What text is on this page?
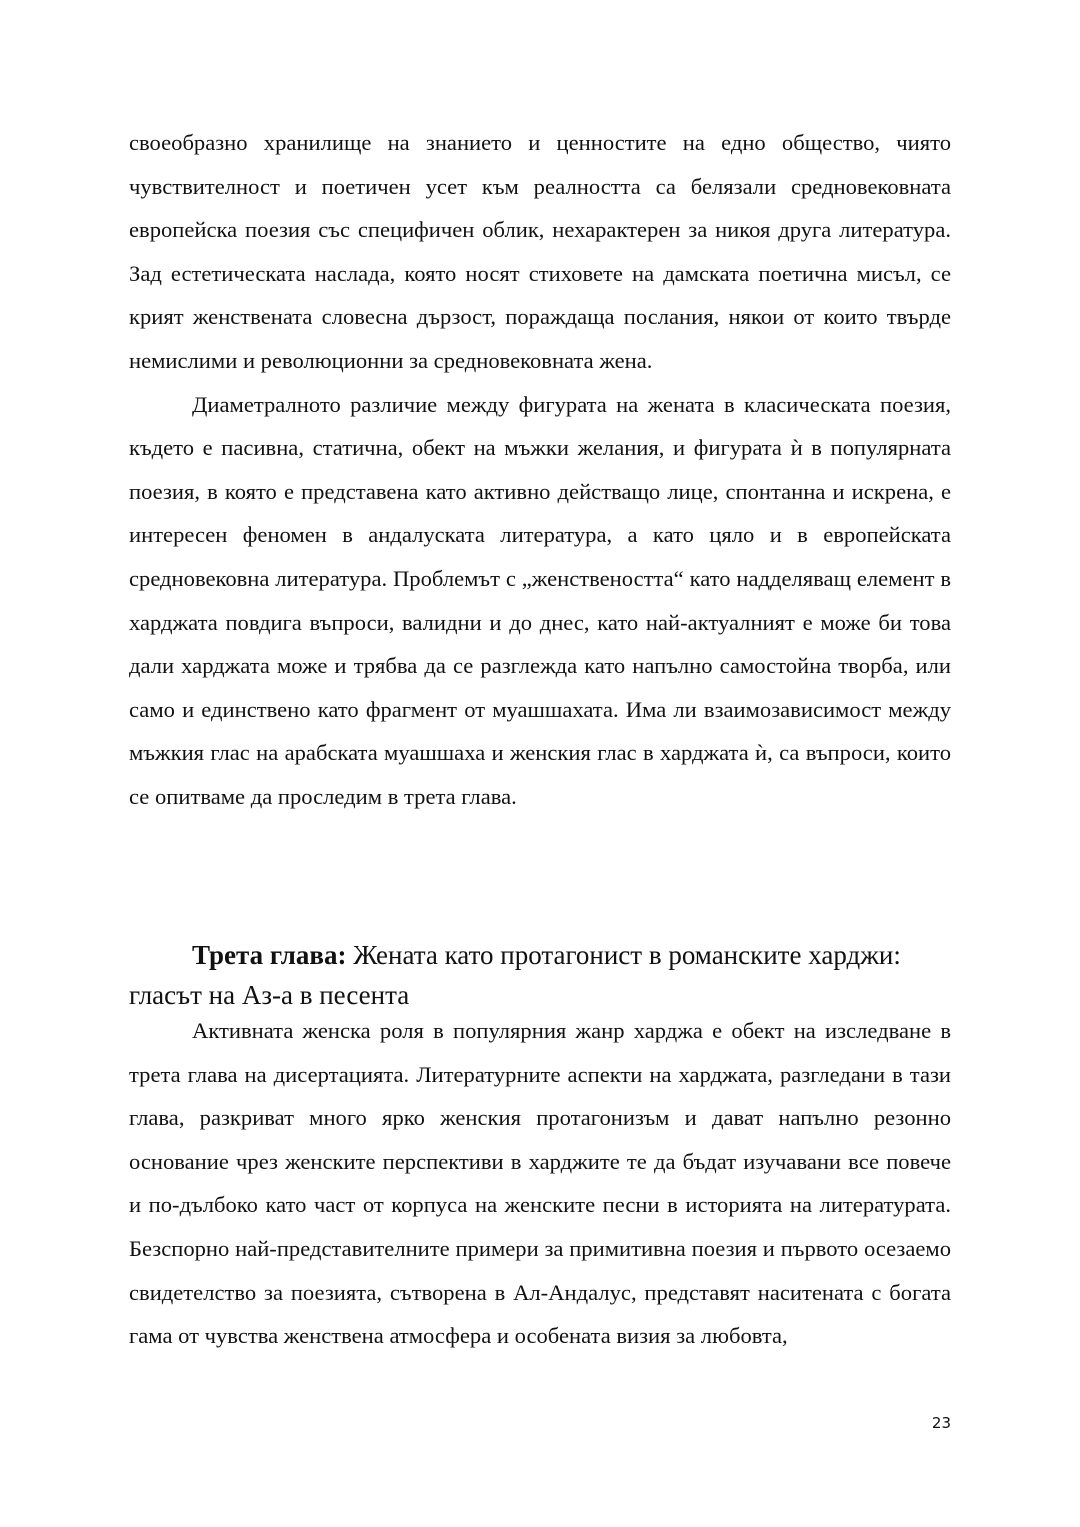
своеобразно хранилище на знанието и ценностите на едно общество, чиято чувствителност и поетичен усет към реалността са белязали средновековната европейска поезия със специфичен облик, нехарактерен за никоя друга литература. Зад естетическата наслада, която носят стиховете на дамската поетична мисъл, се крият женствената словесна дързост, пораждаща послания, някои от които твърде немислими и революционни за средновековната жена.

Диаметралното различие между фигурата на жената в класическата поезия, където е пасивна, статична, обект на мъжки желания, и фигурата ѝ в популярната поезия, в която е представена като активно действащо лице, спонтанна и искрена, е интересен феномен в андалуската литература, а като цяло и в европейската средновековна литература. Проблемът с „женствеността“ като надделяващ елемент в харджата повдига въпроси, валидни и до днес, като най-актуалният е може би това дали харджата може и трябва да се разглежда като напълно самостойна творба, или само и единствено като фрагмент от муашшахата. Има ли взаимозависимост между мъжкия глас на арабската муашшаха и женския глас в харджата ѝ, са въпроси, които се опитваме да проследим в трета глава.

Трета глава: Жената като протагонист в романските харджи: гласът на Аз-а в песента

Активната женска роля в популярния жанр харджа е обект на изследване в трета глава на дисертацията. Литературните аспекти на харджата, разгледани в тази глава, разкриват много ярко женския протагонизъм и дават напълно резонно основание чрез женските перспективи в харджите те да бъдат изучавани все повече и по-дълбоко като част от корпуса на женските песни в историята на литературата. Безспорно най-представителните примери за примитивна поезия и първото осезаемо свидетелство за поезията, сътворена в Ал-Андалус, представят наситената с богата гама от чувства женствена атмосфера и особената визия за любовта,

23
